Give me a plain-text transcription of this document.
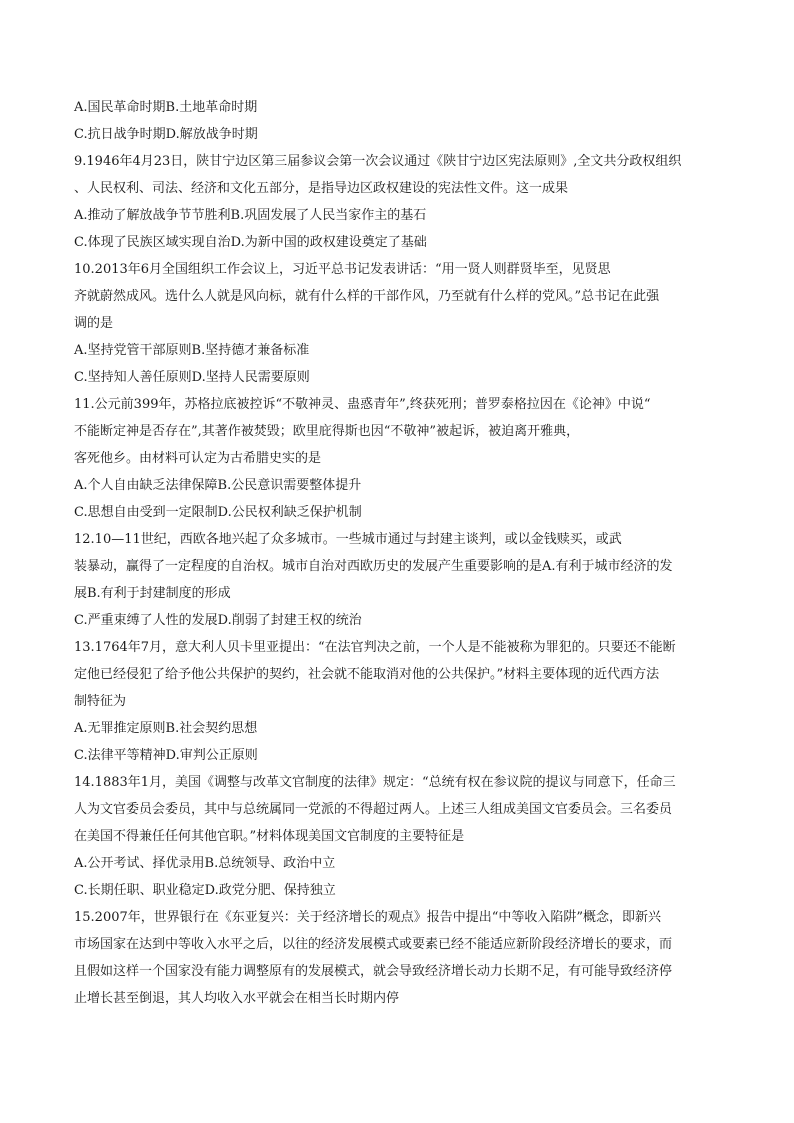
A.国民革命时期B.土地革命时期
C.抗日战争时期D.解放战争时期
9.1946年4月23日，陕甘宁边区第三届参议会第一次会议通过《陕甘宁边区宪法原则》,全文共分政权组织
、人民权利、司法、经济和文化五部分，是指导边区政权建设的宪法性文件。这一成果
A.推动了解放战争节节胜利B.巩固发展了人民当家作主的基石
C.体现了民族区域实现自治D.为新中国的政权建设奠定了基础
10.2013年6月全国组织工作会议上，习近平总书记发表讲话：“用一贤人则群贤毕至，见贤思
齐就蔚然成风。选什么人就是风向标，就有什么样的干部作风，乃至就有什么样的党风。”总书记在此强
调的是
A.坚持党管干部原则B.坚持德才兼备标准
C.坚持知人善任原则D.坚持人民需要原则
11.公元前399年，苏格拉底被控诉“不敬神灵、蛊惑青年”,终获死刑；普罗泰格拉因在《论神》中说“
不能断定神是否存在”,其著作被焚毁；欧里庇得斯也因“不敬神”被起诉，被迫离开雅典，
客死他乡。由材料可认定为古希腊史实的是
A.个人自由缺乏法律保障B.公民意识需要整体提升
C.思想自由受到一定限制D.公民权利缺乏保护机制
12.10—11世纪，西欧各地兴起了众多城市。一些城市通过与封建主谈判，或以金钱赎买，或武
装暴动，赢得了一定程度的自治权。城市自治对西欧历史的发展产生重要影响的是A.有利于城市经济的发
展B.有利于封建制度的形成
C.严重束缚了人性的发展D.削弱了封建王权的统治
13.1764年7月，意大利人贝卡里亚提出：“在法官判决之前，一个人是不能被称为罪犯的。只要还不能断
定他已经侵犯了给予他公共保护的契约，社会就不能取消对他的公共保护。”材料主要体现的近代西方法
制特征为
A.无罪推定原则B.社会契约思想
C.法律平等精神D.审判公正原则
14.1883年1月，美国《调整与改革文官制度的法律》规定：“总统有权在参议院的提议与同意下，任命三
人为文官委员会委员，其中与总统属同一党派的不得超过两人。上述三人组成美国文官委员会。三名委员
在美国不得兼任任何其他官职。”材料体现美国文官制度的主要特征是
A.公开考试、择优录用B.总统领导、政治中立
C.长期任职、职业稳定D.政党分肥、保持独立
15.2007年，世界银行在《东亚复兴：关于经济增长的观点》报告中提出“中等收入陷阱”概念，即新兴
市场国家在达到中等收入水平之后，以往的经济发展模式或要素已经不能适应新阶段经济增长的要求，而
且假如这样一个国家没有能力调整原有的发展模式，就会导致经济增长动力长期不足，有可能导致经济停
止增长甚至倒退，其人均收入水平就会在相当长时期内停
